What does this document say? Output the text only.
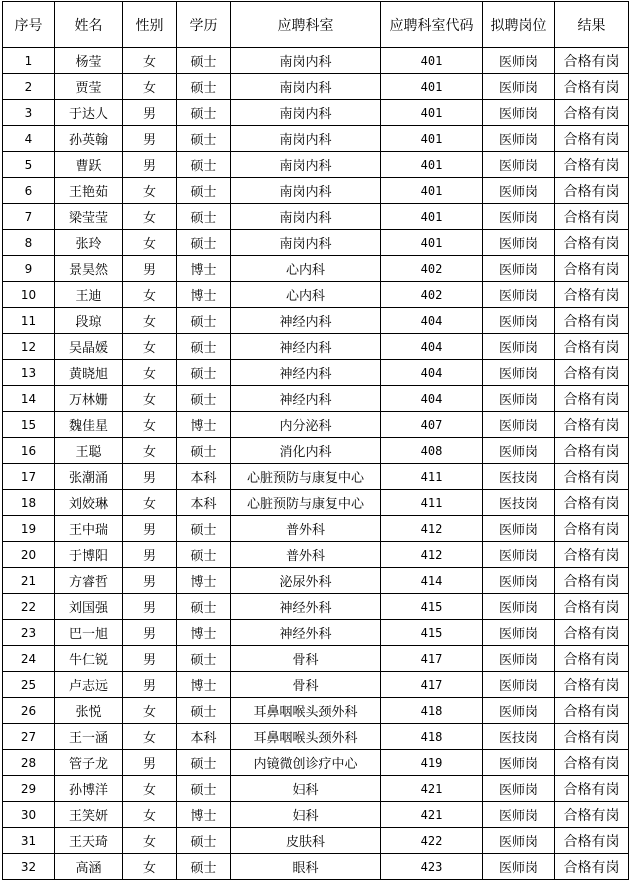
序号	姓名	性别	学历	应聘科室	应聘科室代码	拟聘岗位	结果
1	杨莹	女	硕士	南岗内科	401	医师岗	合格有岗
2	贾莹	女	硕士	南岗内科	401	医师岗	合格有岗
3	于达人	男	硕士	南岗内科	401	医师岗	合格有岗
4	孙英翰	男	硕士	南岗内科	401	医师岗	合格有岗
5	曹跃	男	硕士	南岗内科	401	医师岗	合格有岗
6	王艳茹	女	硕士	南岗内科	401	医师岗	合格有岗
7	梁莹莹	女	硕士	南岗内科	401	医师岗	合格有岗
8	张玲	女	硕士	南岗内科	401	医师岗	合格有岗
9	景昊然	男	博士	心内科	402	医师岗	合格有岗
10	王迪	女	博士	心内科	402	医师岗	合格有岗
11	段琼	女	硕士	神经内科	404	医师岗	合格有岗
12	吴晶媛	女	硕士	神经内科	404	医师岗	合格有岗
13	黄晓旭	女	硕士	神经内科	404	医师岗	合格有岗
14	万林姗	女	硕士	神经内科	404	医师岗	合格有岗
15	魏佳星	女	博士	内分泌科	407	医师岗	合格有岗
16	王聪	女	硕士	消化内科	408	医师岗	合格有岗
17	张潮涌	男	本科	心脏预防与康复中心	411	医技岗	合格有岗
18	刘姣琳	女	本科	心脏预防与康复中心	411	医技岗	合格有岗
19	王中瑞	男	硕士	普外科	412	医师岗	合格有岗
20	于博阳	男	硕士	普外科	412	医师岗	合格有岗
21	方睿哲	男	博士	泌尿外科	414	医师岗	合格有岗
22	刘国强	男	硕士	神经外科	415	医师岗	合格有岗
23	巴一旭	男	博士	神经外科	415	医师岗	合格有岗
24	牛仁锐	男	硕士	骨科	417	医师岗	合格有岗
25	卢志远	男	博士	骨科	417	医师岗	合格有岗
26	张悦	女	硕士	耳鼻咽喉头颈外科	418	医师岗	合格有岗
27	王一涵	女	本科	耳鼻咽喉头颈外科	418	医技岗	合格有岗
28	管子龙	男	硕士	内镜微创诊疗中心	419	医师岗	合格有岗
29	孙博洋	女	硕士	妇科	421	医师岗	合格有岗
30	王笑妍	女	博士	妇科	421	医师岗	合格有岗
31	王天琦	女	硕士	皮肤科	422	医师岗	合格有岗
32	高涵	女	硕士	眼科	423	医师岗	合格有岗
